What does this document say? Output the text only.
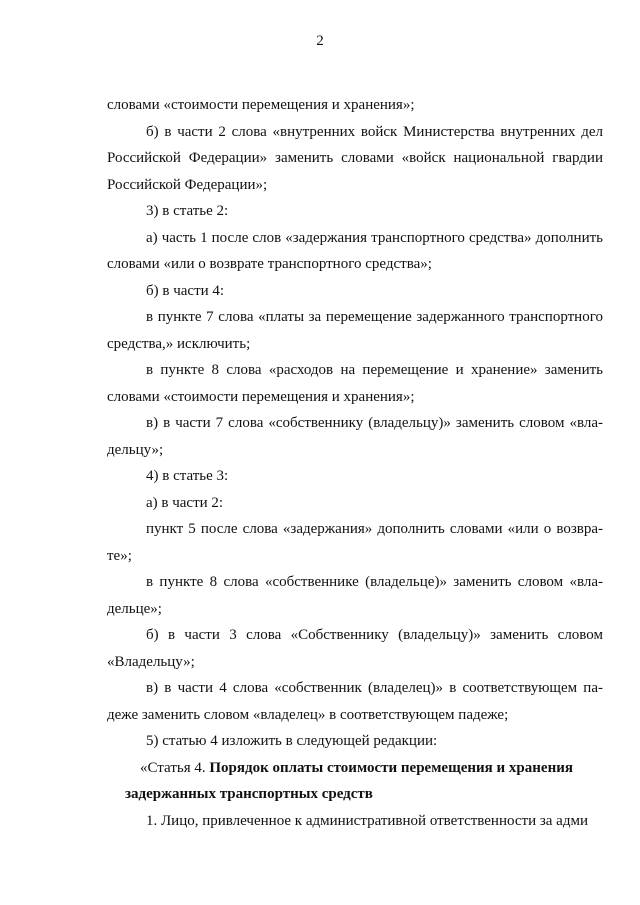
2

словами «стоимости перемещения и хранения»;

б) в части 2 слова «внутренних войск Министерства внутренних дел Российской Федерации» заменить словами «войск национальной гвардии Российской Федерации»;

3) в статье 2:

а) часть 1 после слов «задержания транспортного средства» дополнить словами «или о возврате транспортного средства»;

б) в части 4:

в пункте 7 слова «платы за перемещение задержанного транспортного средства,» исключить;

в пункте 8 слова «расходов на перемещение и хранение» заменить словами «стоимости перемещения и хранения»;

в) в части 7 слова «собственнику (владельцу)» заменить словом «владельцу»;

4) в статье 3:

а) в части 2:

пункт 5 после слова «задержания» дополнить словами «или о возврате»;

в пункте 8 слова «собственнике (владельце)» заменить словом «владельце»;

б) в части 3 слова «Собственнику (владельцу)» заменить словом «Владельцу»;

в) в части 4 слова «собственник (владелец)» в соответствующем падеже заменить словом «владелец» в соответствующем падеже;

5) статью 4 изложить в следующей редакции:

«Статья 4. Порядок оплаты стоимости перемещения и хранения

задержанных транспортных средств

1. Лицо, привлеченное к административной ответственности за адми
